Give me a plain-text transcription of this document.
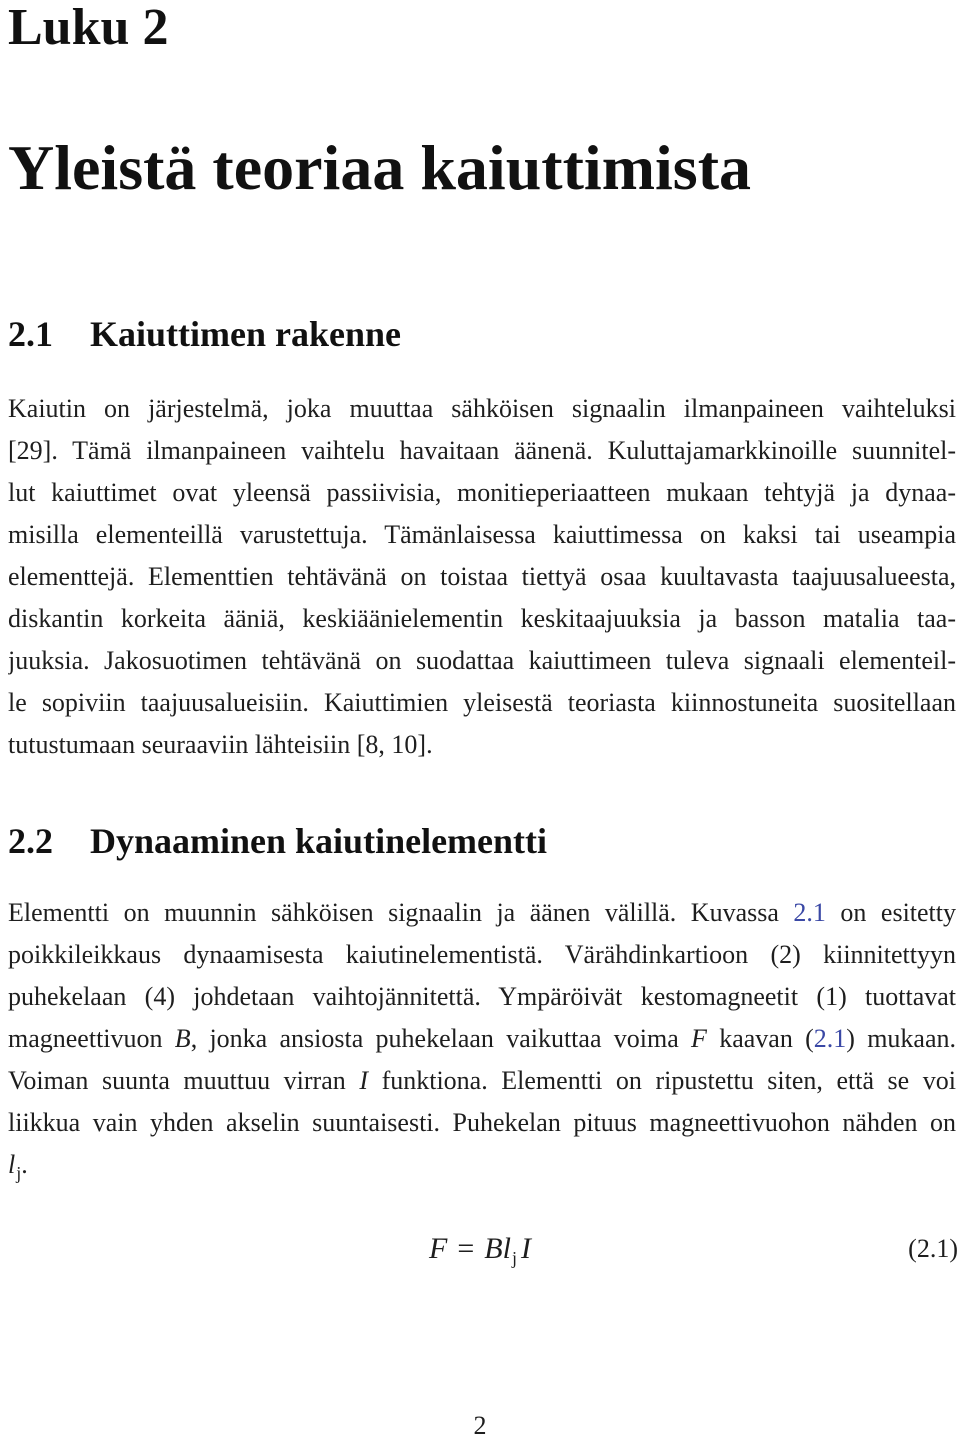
Luku 2
Yleistä teoriaa kaiuttimista
2.1 Kaiuttimen rakenne
Kaiutin on järjestelmä, joka muuttaa sähköisen signaalin ilmanpaineen vaihteluksi
[29]. Tämä ilmanpaineen vaihtelu havaitaan äänenä. Kuluttajamarkkinoille suunnitel-
lut kaiuttimet ovat yleensä passiivisia, monitieperiaatteen mukaan tehtyjä ja dynaa-
misilla elementeillä varustettuja. Tämänlaisessa kaiuttimessa on kaksi tai useampia
elementtejä. Elementtien tehtävänä on toistaa tiettyä osaa kuultavasta taajuusalueesta,
diskantin korkeita ääniä, keskiäänielementin keskitaajuuksia ja basson matalia taa-
juuksia. Jakosuotimen tehtävänä on suodattaa kaiuttimeen tuleva signaali elementeil-
le sopiviin taajuusalueisiin. Kaiuttimien yleisestä teoriasta kiinnostuneita suositellaan
tutustumaan seuraaviin lähteisiin [8, 10].
2.2 Dynaaminen kaiutinelementti
Elementti on muunnin sähköisen signaalin ja äänen välillä. Kuvassa 2.1 on esitetty
poikkileikkaus dynaamisesta kaiutinelementistä. Värähdinkartioon (2) kiinnitettyyn
puhekelaan (4) johdetaan vaihtojännitettä. Ympäröivät kestomagneetit (1) tuottavat
magneettivuon B, jonka ansiosta puhekelaan vaikuttaa voima F kaavan (2.1) mukaan.
Voiman suunta muuttuu virran I funktiona. Elementti on ripustettu siten, että se voi
liikkua vain yhden akselin suuntaisesti. Puhekelan pituus magneettivuohon nähden on
$l_j$.
$F = Bl_j$ I	(2.1)
2
